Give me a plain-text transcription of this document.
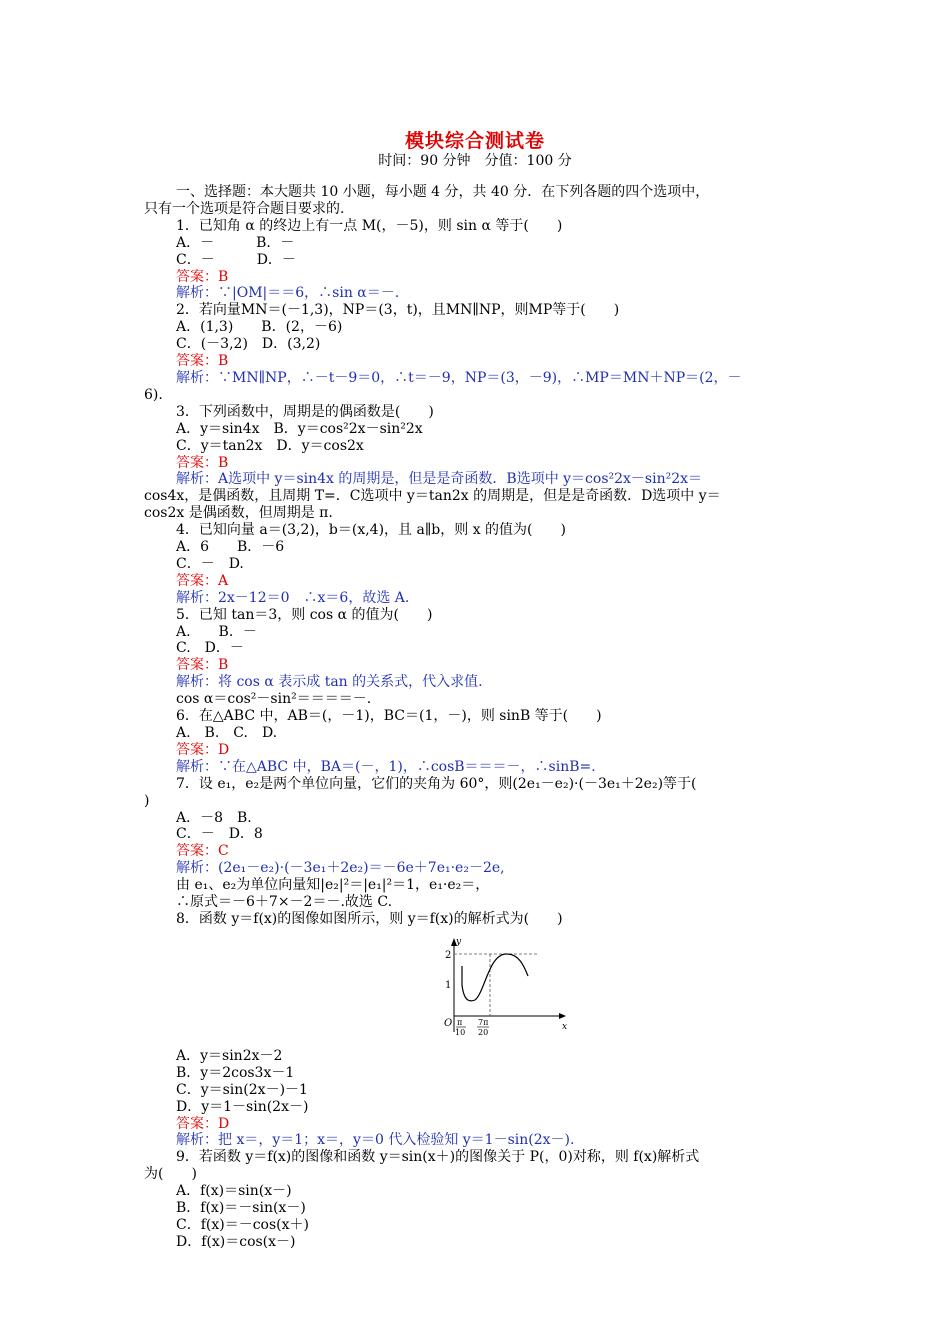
模块综合测试卷
时间：90 分钟　分值：100 分
一、选择题：本大题共 10 小题，每小题 4 分，共 40 分．在下列各题的四个选项中，
只有一个选项是符合题目要求的.
1．已知角 α 的终边上有一点 M(，－5)，则 sin α 等于(　　)
A．－　　　B．－
C．－　　　D．－
答案：B
解析：∵|OM|＝＝6，∴sin α＝－.
2．若向量MN＝(－1,3)，NP＝(3，t)，且MN∥NP，则MP等于(　　)
A．(1,3)　　B．(2，－6)
C．(－3,2)　D．(3,2)
答案：B
解析：∵MN∥NP，∴－t－9＝0，∴t＝－9，NP＝(3，－9)，∴MP＝MN＋NP＝(2，－
6).
3．下列函数中，周期是的偶函数是(　　)
A．y＝sin4x　B．y＝cos²2x－sin²2x
C．y＝tan2x　D．y＝cos2x
答案：B
解析：A选项中 y＝sin4x 的周期是，但是是奇函数．B选项中 y＝cos²2x－sin²2x＝
cos4x，是偶函数，且周期 T=．C选项中 y＝tan2x 的周期是，但是是奇函数．D选项中 y＝
cos2x 是偶函数，但周期是 π.
4．已知向量 a＝(3,2)，b＝(x,4)，且 a∥b，则 x 的值为(　　)
A．6　　B．－6
C．－　D.
答案：A
解析：2x－12＝0　∴x＝6，故选 A.
5．已知 tan＝3，则 cos α 的值为(　　)
A.　　B．－
C.　D．－
答案：B
解析：将 cos α 表示成 tan 的关系式，代入求值.
cos α＝cos²－sin²＝＝＝＝－.
6．在△ABC 中，AB＝(，－1)，BC＝(1，－)，则 sinB 等于(　　)
A.　B.　C.　D.
答案：D
解析：∵在△ABC 中，BA＝(－，1)，∴cosB＝＝＝－，∴sinB=.
7．设 e₁，e₂是两个单位向量，它们的夹角为 60°，则(2e₁－e₂)·(－3e₁＋2e₂)等于(
)
A．－8　B.
C．－　D．8
答案：C
解析：(2e₁－e₂)·(－3e₁＋2e₂)＝－6e＋7e₁·e₂－2e,
由 e₁、e₂为单位向量知|e₂|²＝|e₁|²＝1，e₁·e₂＝，
∴原式＝－6＋7×－2＝－.故选 C.
8．函数 y＝f(x)的图像如图所示，则 y＝f(x)的解析式为(　　)
y
x
O
2
1
π
10
7π
20
A．y＝sin2x－2
B．y＝2cos3x－1
C．y＝sin(2x－)－1
D．y＝1－sin(2x－)
答案：D
解析：把 x＝，y＝1；x＝，y＝0 代入检验知 y＝1－sin(2x－).
9．若函数 y＝f(x)的图像和函数 y＝sin(x＋)的图像关于 P(，0)对称，则 f(x)解析式
为(　　)
A．f(x)＝sin(x－)
B．f(x)＝－sin(x－)
C．f(x)＝－cos(x＋)
D．f(x)＝cos(x－)
